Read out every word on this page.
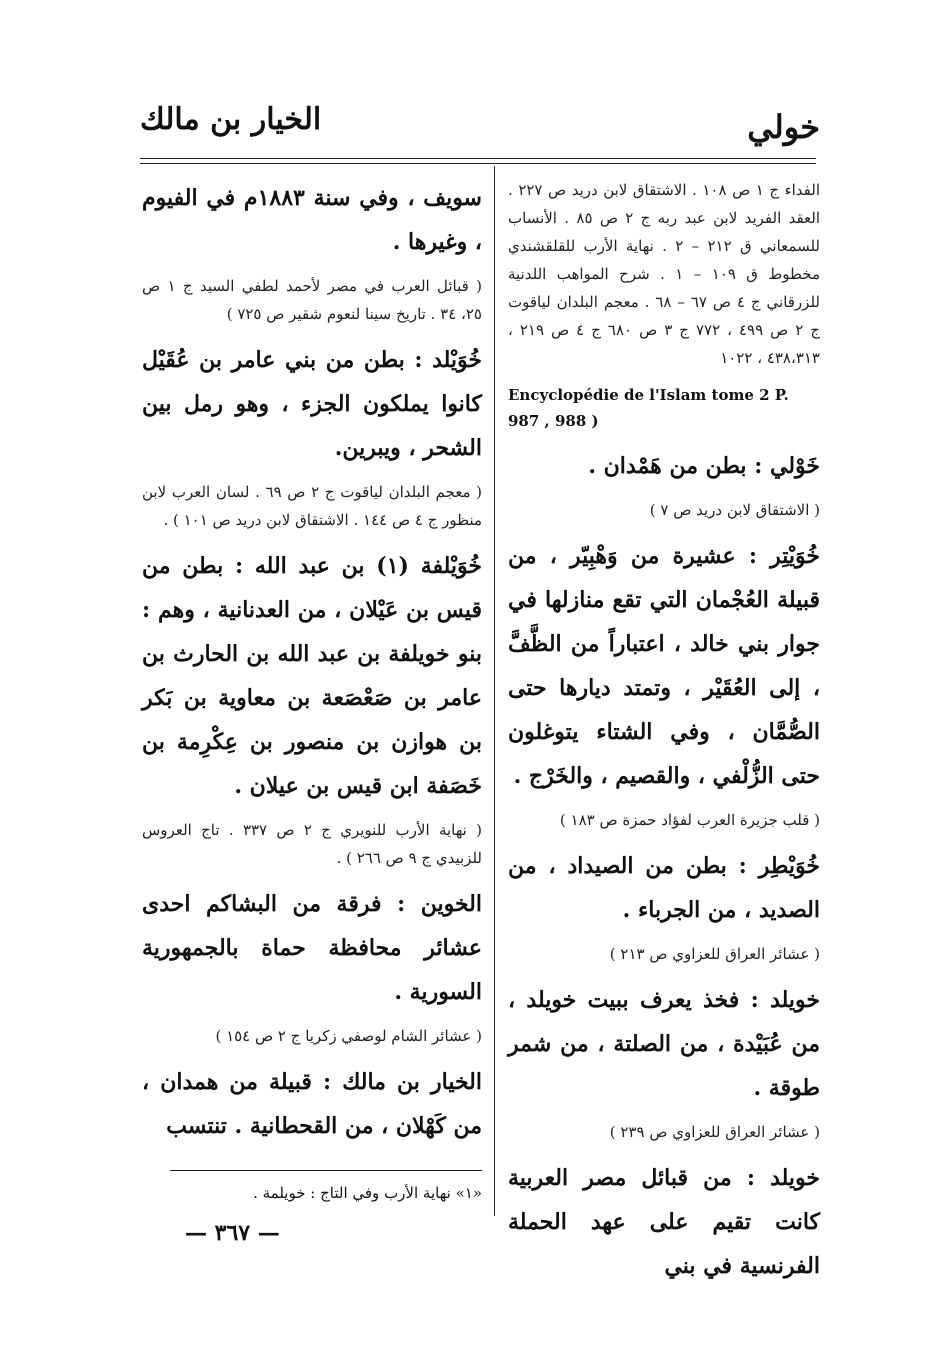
خولي
الخيار بن مالك

الفداء ج ١ ص ١٠٨ . الاشتقاق لابن دريد ص ٢٢٧ . العقد الفريد لابن عبد ربه ج ٢ ص ٨٥ . الأنساب للسمعاني ق ٢١٢ – ٢ . نهاية الأرب للقلقشندي مخطوط ق ١٠٩ – ١ . شرح المواهب اللدنية للزرقاني ج ٤ ص ٦٧ – ٦٨ . معجم البلدان لياقوت ج ٢ ص ٤٩٩ ، ٧٧٢ ج ٣ ص ٦٨٠ ج ٤ ص ٢١٩ ، ٤٣٨،٣١٣ ، ١٠٢٢

Encyclopédie de l'Islam tome 2 P. 987 , 988 )

خَوْلي : بطن من هَمْدان .

( الاشتقاق لابن دريد ص ٧ )

خُوَيْتِر : عشيرة من وَهْبِيّر ، من قبيلة العُجْمان التي تقع منازلها في جوار بني خالد ، اعتباراً من الظَّفَّ ، إلى العُقَيْر ، وتمتد ديارها حتى الصُّمَّان ، وفي الشتاء يتوغلون حتى الزُّلْفي ، والقصيم ، والخَرْج .

( قلب جزيرة العرب لفؤاد حمزة ص ١٨٣ )

خُوَيْطِر : بطن من الصيداد ، من الصديد ، من الجرباء .

( عشائر العراق للعزاوي ص ٢١٣ )

خويلد : فخذ يعرف ببيت خويلد ، من عُبَيْدة ، من الصلتة ، من شمر طوقة .

( عشائر العراق للعزاوي ص ٢٣٩ )

خويلد : من قبائل مصر العربية كانت تقيم على عهد الحملة الفرنسية في بني

سويف ، وفي سنة ١٨٨٣م في الفيوم ، وغيرها .

( قبائل العرب في مصر لأحمد لطفي السيد ج ١ ص ٢٥، ٣٤ . تاريخ سينا لنعوم شقير ص ٧٢٥ )

خُوَيْلد : بطن من بني عامر بن عُقَيْل كانوا يملكون الجزء ، وهو رمل بين الشحر ، ويبرين.

( معجم البلدان لياقوت ج ٢ ص ٦٩ . لسان العرب لابن منظور ج ٤ ص ١٤٤ . الاشتقاق لابن دريد ص ١٠١ ) .

خُوَيْلفة (١) بن عبد الله : بطن من قيس بن عَيْلان ، من العدنانية ، وهم : بنو خويلفة بن عبد الله بن الحارث بن عامر بن صَعْصَعة بن معاوية بن بَكر بن هوازن بن منصور بن عِكْرِمة بن خَصَفة ابن قيس بن عيلان .

( نهاية الأرب للنويري ج ٢ ص ٣٣٧ . تاج العروس للزبيدي ج ٩ ص ٢٦٦ ) .

الخوين : فرقة من البشاكم احدى عشائر محافظة حماة بالجمهورية السورية .

( عشائر الشام لوصفي زكريا ج ٢ ص ١٥٤ )

الخيار بن مالك : قبيلة من همدان ، من كَهْلان ، من القحطانية . تنتسب

«١» نهاية الأرب وفي التاج : خويلمة .
— ٣٦٧ —
